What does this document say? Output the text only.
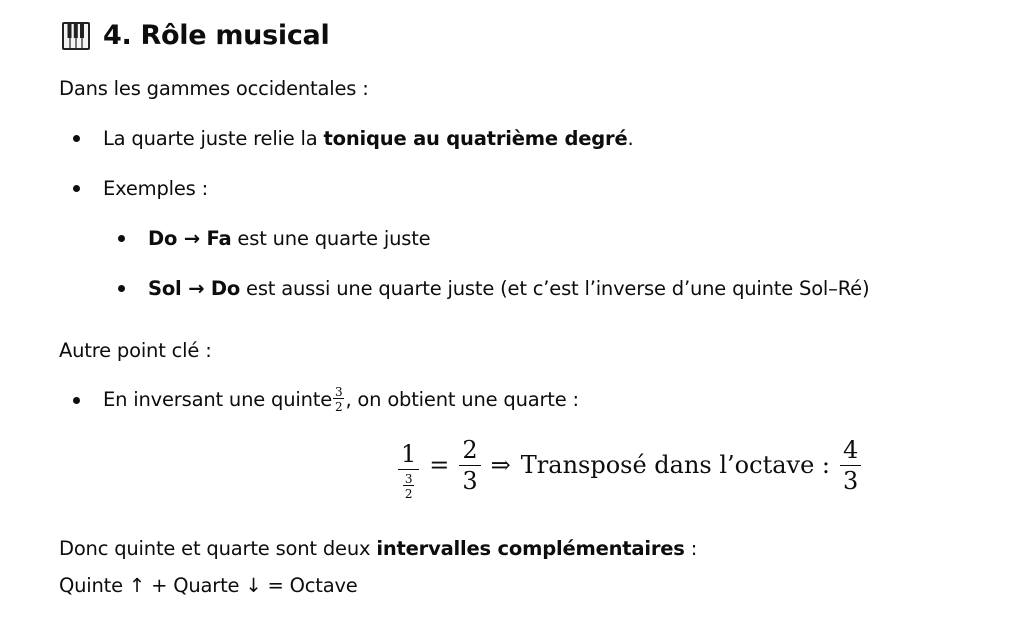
4. Rôle musical
Dans les gammes occidentales :
La quarte juste relie la tonique au quatrième degré.
Exemples :
Do → Fa est une quarte juste
Sol → Do est aussi une quarte juste (et c’est l’inverse d’une quinte Sol–Ré)
Autre point clé :
En inversant une quinte $\frac{3}{2}$ , on obtient une quarte :
$\frac{1}{\frac{3}{2}} = \frac{2}{3}$ ⇒ Transposé dans l’octave : $\frac{4}{3}$
Donc quinte et quarte sont deux intervalles complémentaires :
Quinte ↑ + Quarte ↓ = Octave
